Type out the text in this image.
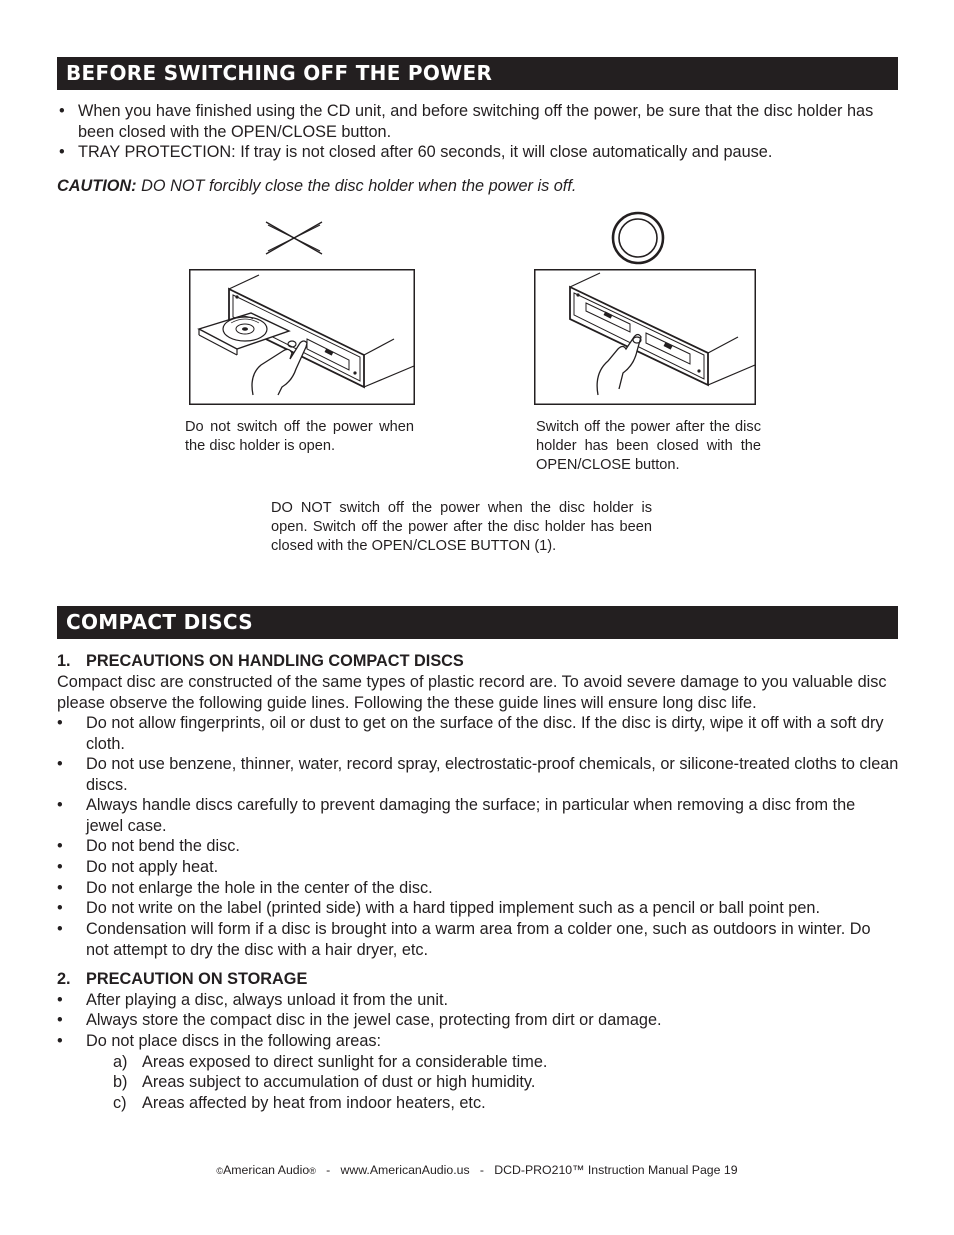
BEFORE SWITCHING OFF THE POWER
• When you have finished using the CD unit, and before switching off the power, be sure that the disc holder has been closed with the OPEN/CLOSE button.
• TRAY PROTECTION: If tray is not closed after 60 seconds, it will close automatically and pause.
CAUTION: DO NOT forcibly close the disc holder when the power is off.
Do not switch off the power when the disc holder is open.
Switch off the power after the disc holder has been closed with the OPEN/CLOSE button.
DO NOT switch off the power when the disc holder is open. Switch off the power after the disc holder has been closed with the OPEN/CLOSE BUTTON (1).
COMPACT DISCS
1. PRECAUTIONS ON HANDLING COMPACT DISCS
Compact disc are constructed of the same types of plastic record are. To avoid severe damage to you valuable disc please observe the following guide lines. Following the these guide lines will ensure long disc life.
• Do not allow fingerprints, oil or dust to get on the surface of the disc. If the disc is dirty, wipe it off with a soft dry cloth.
• Do not use benzene, thinner, water, record spray, electrostatic-proof chemicals, or silicone-treated cloths to clean discs.
• Always handle discs carefully to prevent damaging the surface; in particular when removing a disc from the jewel case.
• Do not bend the disc.
• Do not apply heat.
• Do not enlarge the hole in the center of the disc.
• Do not write on the label (printed side) with a hard tipped implement such as a pencil or ball point pen.
• Condensation will form if a disc is brought into a warm area from a colder one, such as outdoors in winter. Do not attempt to dry the disc with a hair dryer, etc.
2. PRECAUTION ON STORAGE
• After playing a disc, always unload it from the unit.
• Always store the compact disc in the jewel case, protecting from dirt or damage.
• Do not place discs in the following areas:
a) Areas exposed to direct sunlight for a considerable time.
b) Areas subject to accumulation of dust or high humidity.
c) Areas affected by heat from indoor heaters, etc.
©American Audio® - www.AmericanAudio.us - DCD-PRO210™ Instruction Manual Page 19
